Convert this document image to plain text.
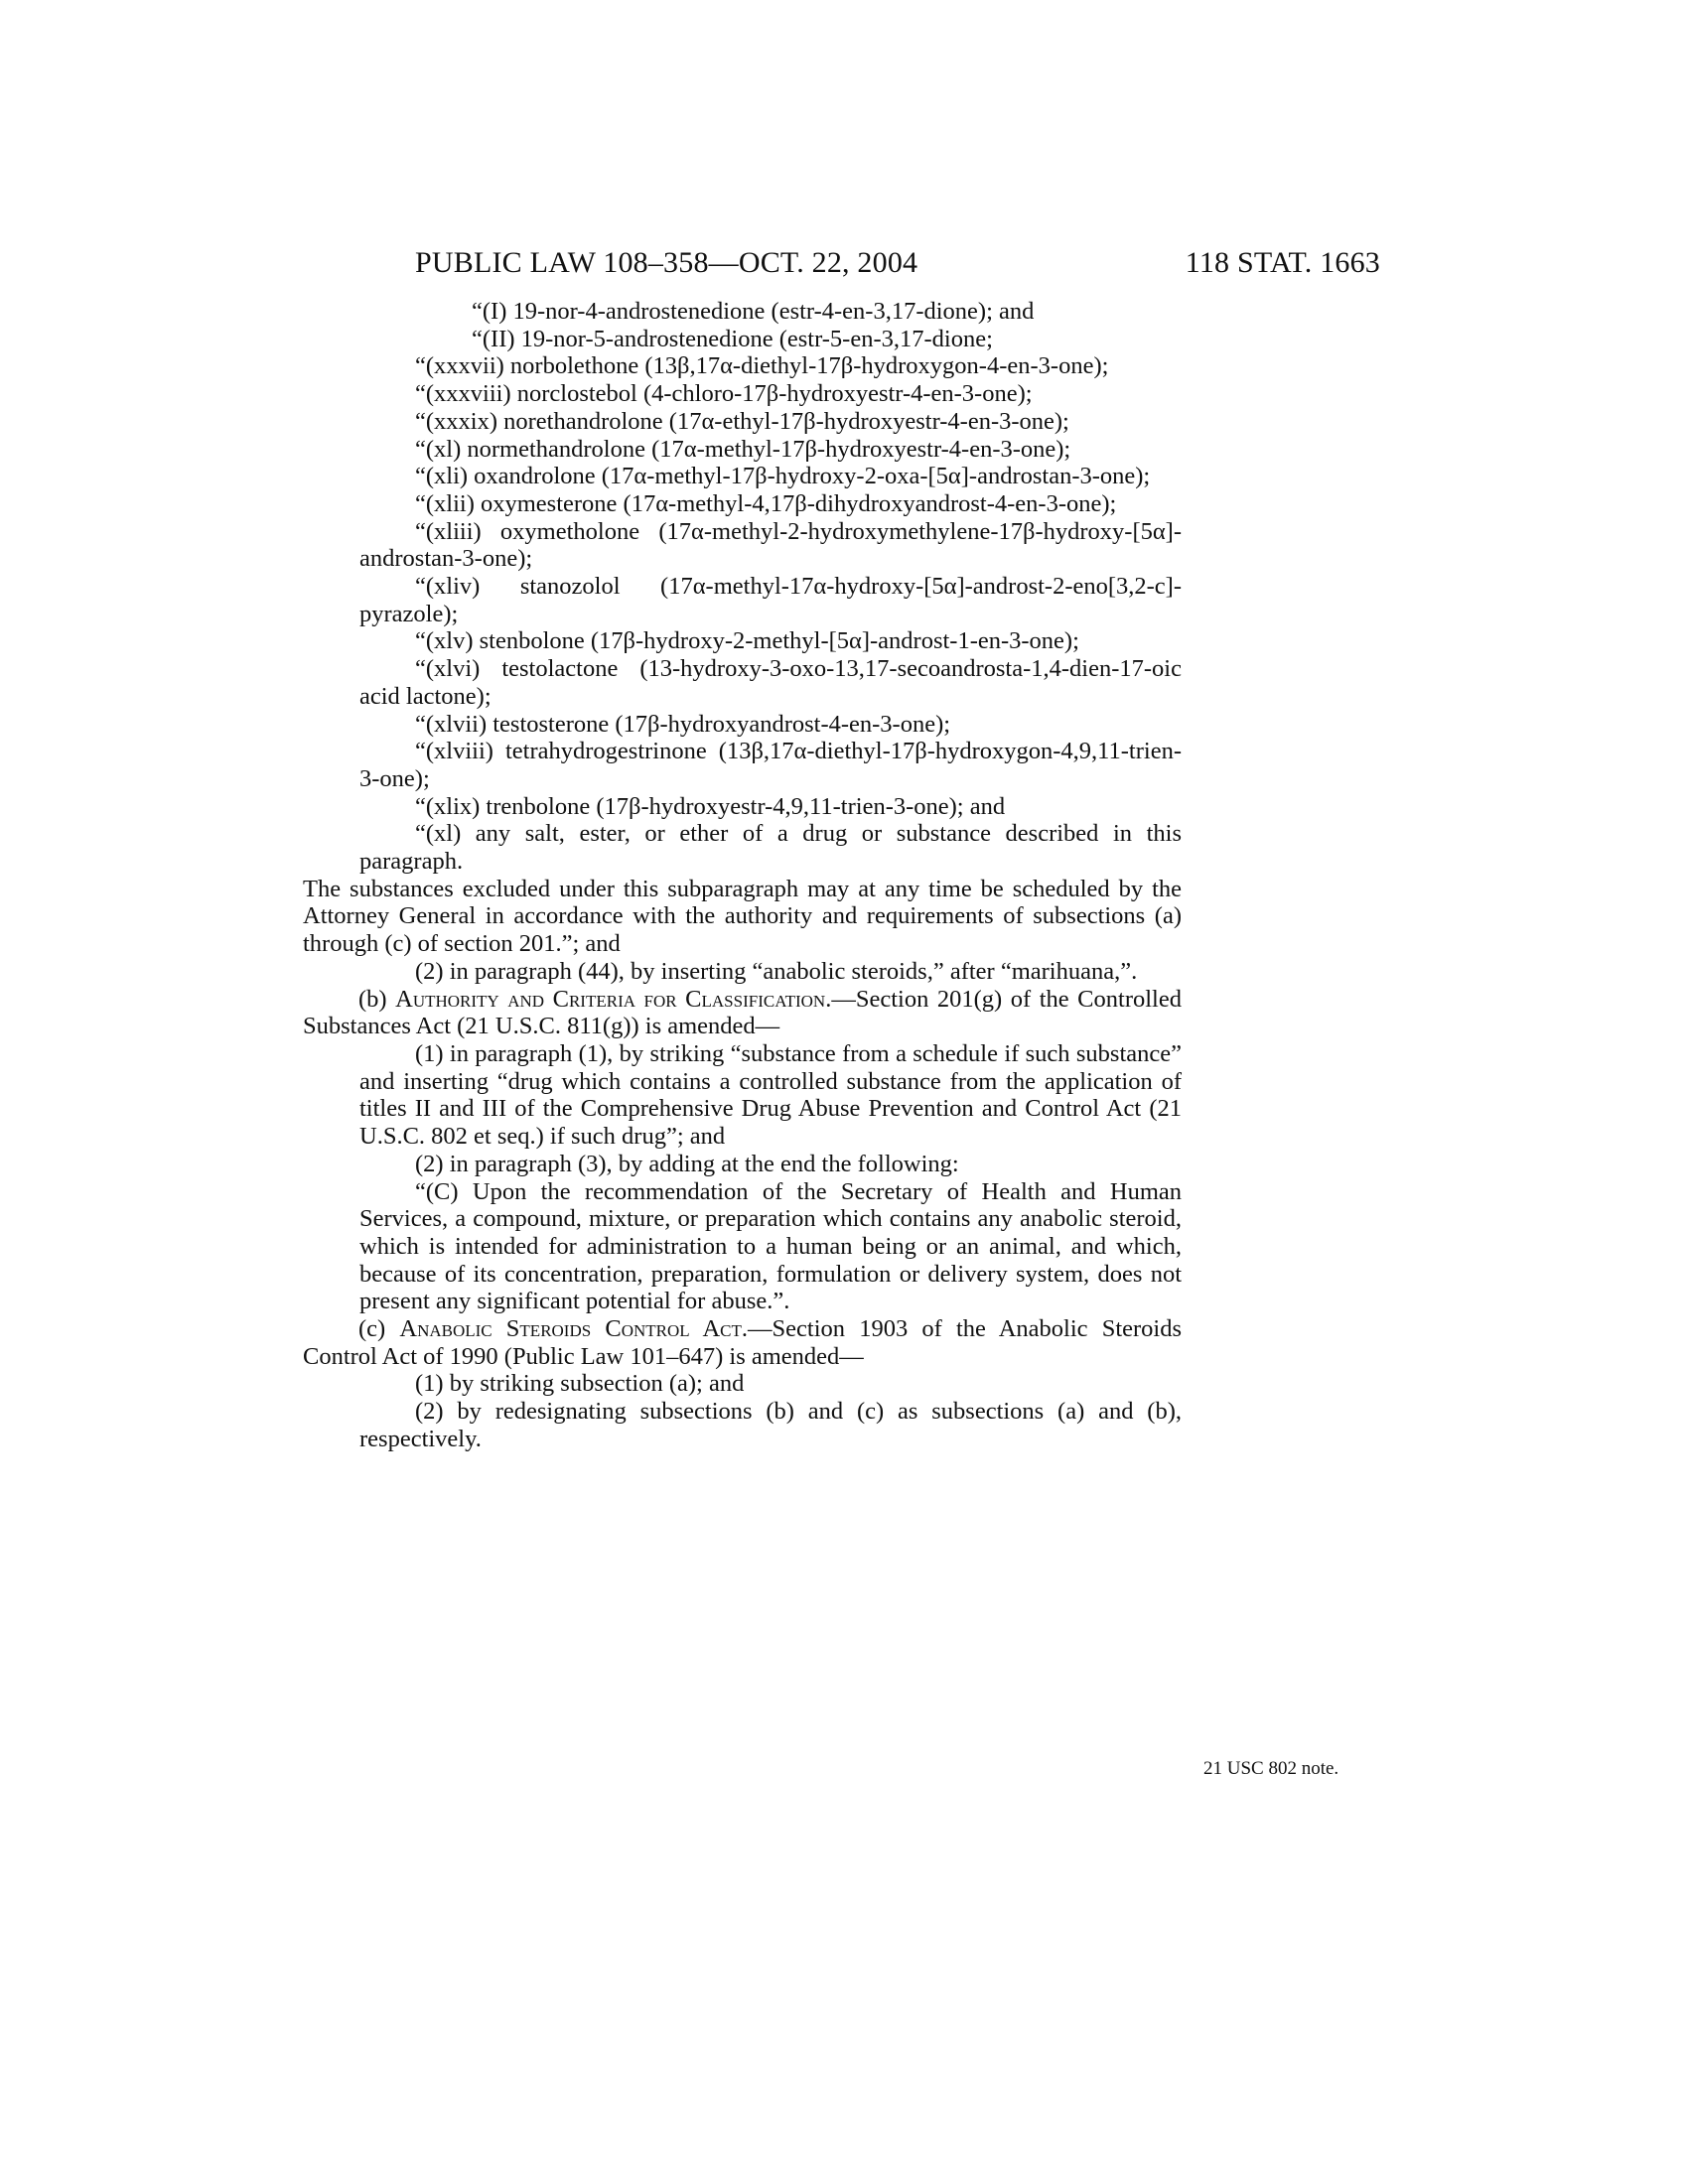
PUBLIC LAW 108–358—OCT. 22, 2004	118 STAT. 1663

“(I) 19-nor-4-androstenedione (estr-4-en-3,17-dione); and

“(II) 19-nor-5-androstenedione (estr-5-en-3,17-dione;

“(xxxvii) norbolethone (13β,17α-diethyl-17β-hydroxygon-4-en-3-one);

“(xxxviii) norclostebol (4-chloro-17β-hydroxyestr-4-en-3-one);

“(xxxix) norethandrolone (17α-ethyl-17β-hydroxyestr-4-en-3-one);

“(xl) normethandrolone (17α-methyl-17β-hydroxyestr-4-en-3-one);

“(xli) oxandrolone (17α-methyl-17β-hydroxy-2-oxa-[5α]-androstan-3-one);

“(xlii) oxymesterone (17α-methyl-4,17β-dihydroxyandrost-4-en-3-one);

“(xliii) oxymetholone (17α-methyl-2-hydroxymethylene-17β-hydroxy-[5α]-androstan-3-one);

“(xliv) stanozolol (17α-methyl-17α-hydroxy-[5α]-androst-2-eno[3,2-c]-pyrazole);

“(xlv) stenbolone (17β-hydroxy-2-methyl-[5α]-androst-1-en-3-one);

“(xlvi) testolactone (13-hydroxy-3-oxo-13,17-secoandrosta-1,4-dien-17-oic acid lactone);

“(xlvii) testosterone (17β-hydroxyandrost-4-en-3-one);

“(xlviii) tetrahydrogestrinone (13β,17α-diethyl-17β-hydroxygon-4,9,11-trien-3-one);

“(xlix) trenbolone (17β-hydroxyestr-4,9,11-trien-3-one); and

“(xl) any salt, ester, or ether of a drug or substance described in this paragraph.

The substances excluded under this subparagraph may at any time be scheduled by the Attorney General in accordance with the authority and requirements of subsections (a) through (c) of section 201.”; and

(2) in paragraph (44), by inserting “anabolic steroids,” after “marihuana,”.

(b) Authority and Criteria for Classification.—Section 201(g) of the Controlled Substances Act (21 U.S.C. 811(g)) is amended—

(1) in paragraph (1), by striking “substance from a schedule if such substance” and inserting “drug which contains a controlled substance from the application of titles II and III of the Comprehensive Drug Abuse Prevention and Control Act (21 U.S.C. 802 et seq.) if such drug”; and

(2) in paragraph (3), by adding at the end the following:

“(C) Upon the recommendation of the Secretary of Health and Human Services, a compound, mixture, or preparation which contains any anabolic steroid, which is intended for administration to a human being or an animal, and which, because of its concentration, preparation, formulation or delivery system, does not present any significant potential for abuse.”.

(c) Anabolic Steroids Control Act.—Section 1903 of the Anabolic Steroids Control Act of 1990 (Public Law 101–647) is amended—

(1) by striking subsection (a); and

(2) by redesignating subsections (b) and (c) as subsections (a) and (b), respectively.

21 USC 802 note.
